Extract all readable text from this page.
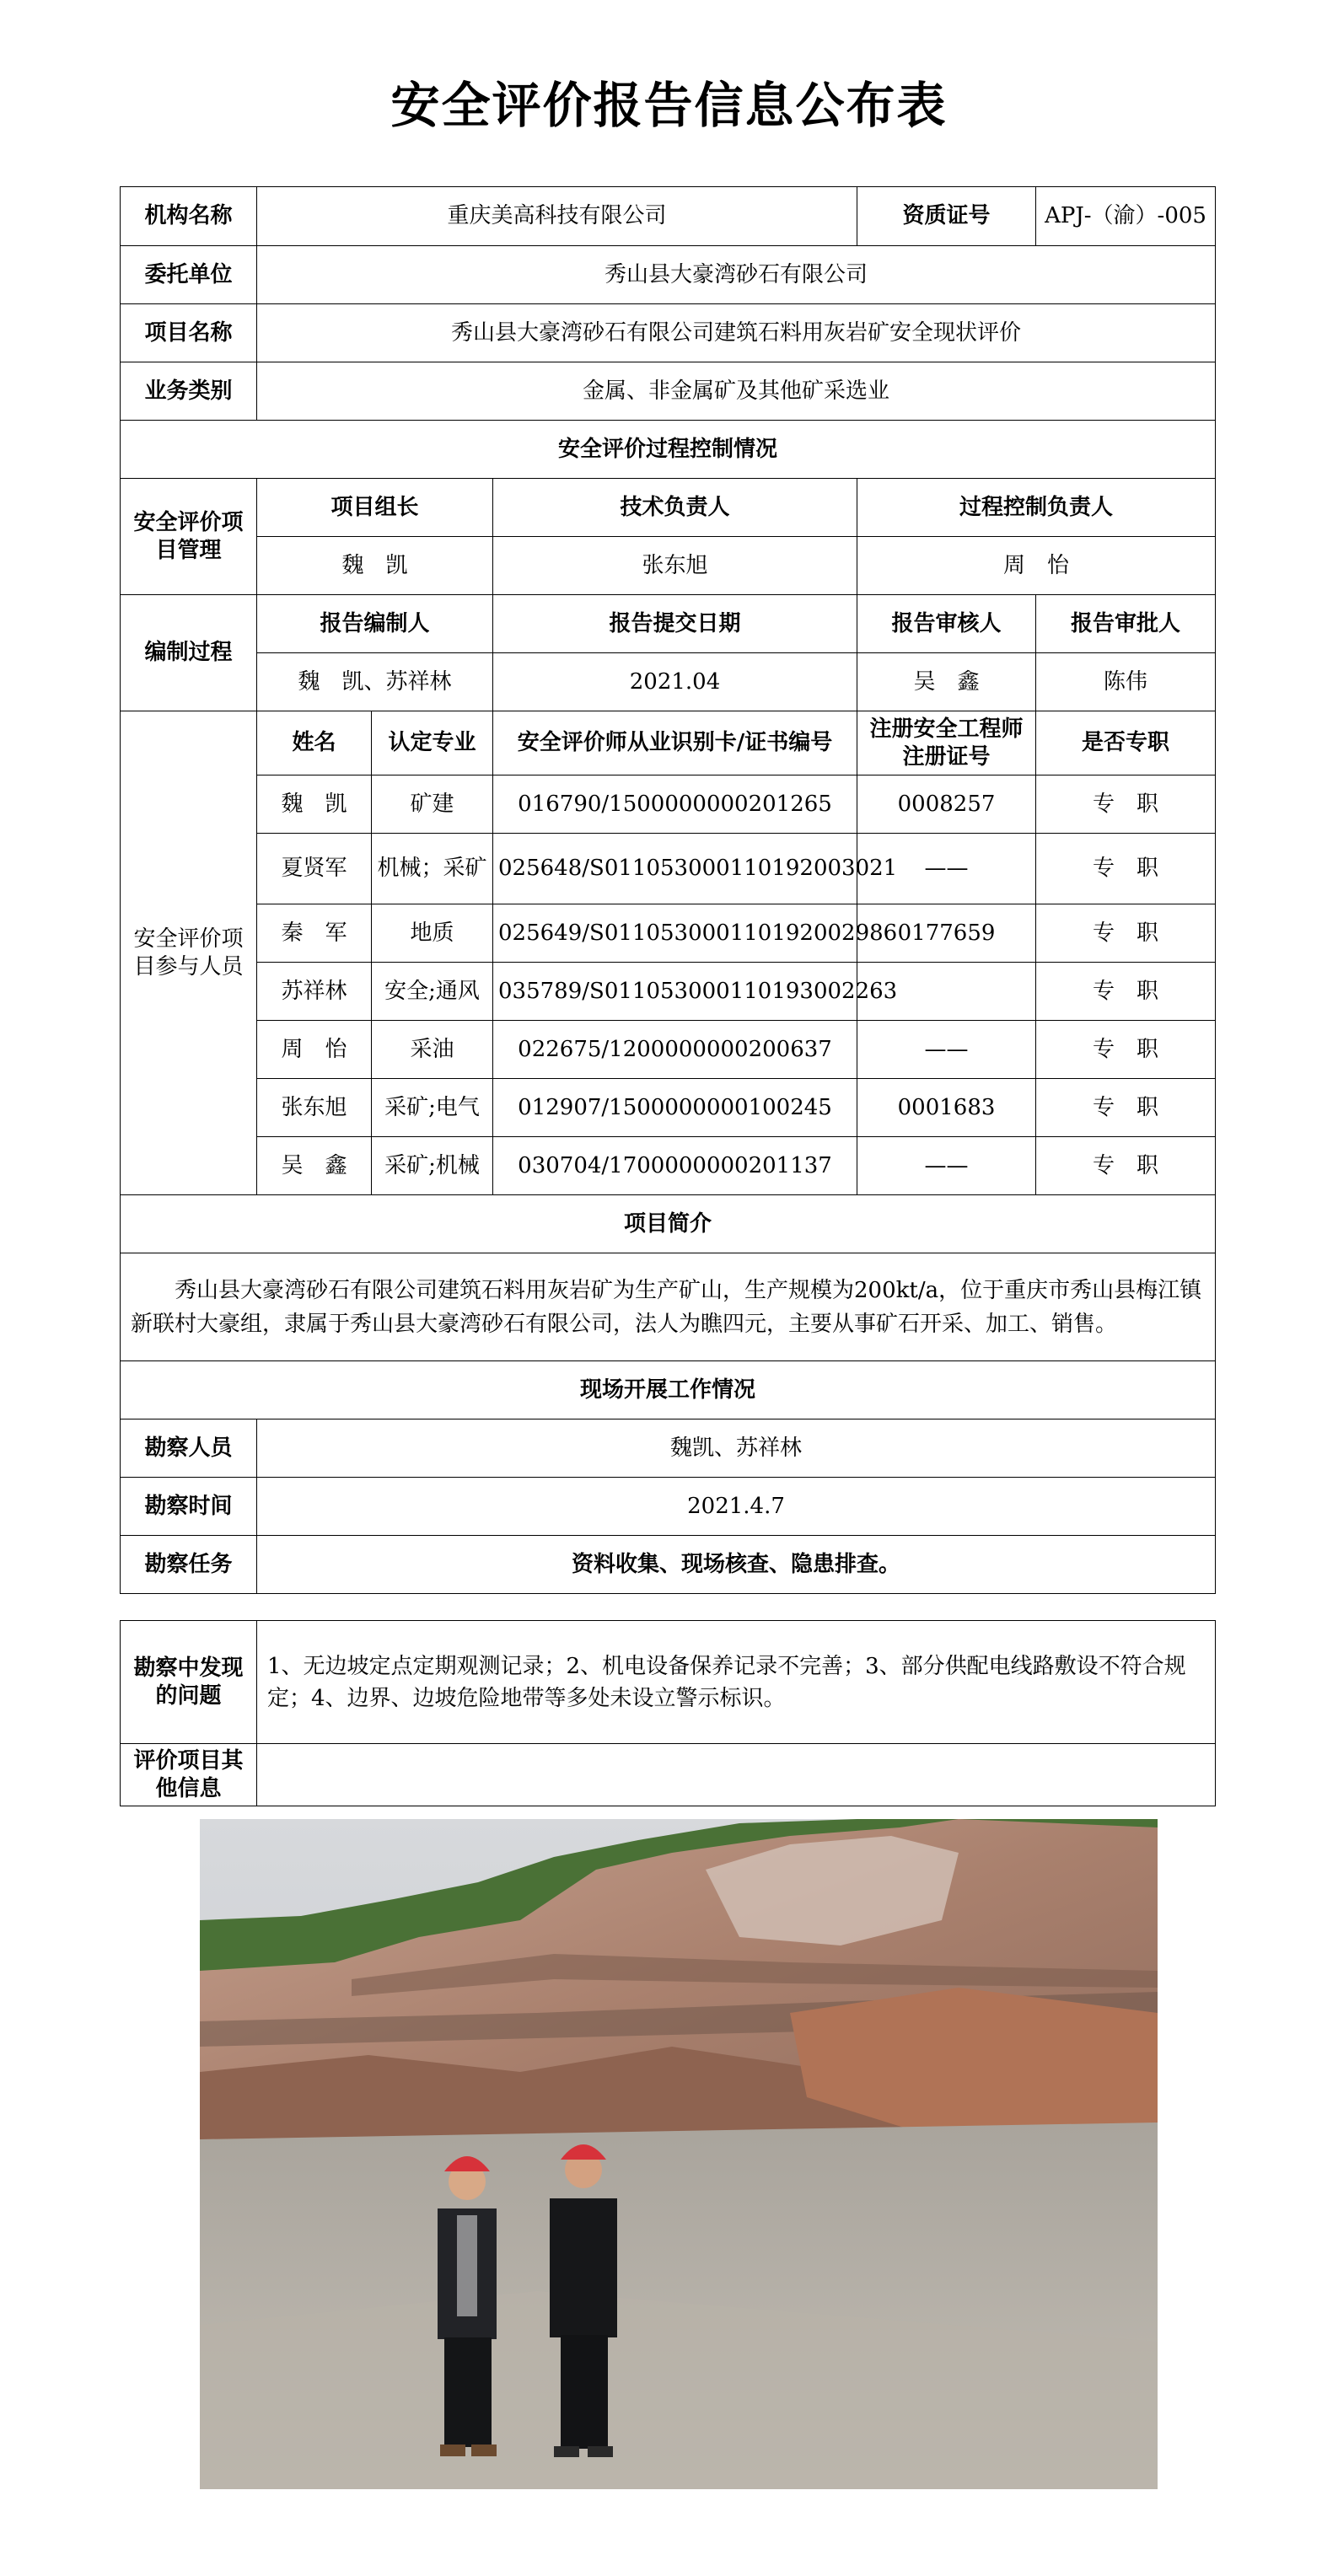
安全评价报告信息公布表
机构名称	重庆美高科技有限公司			资质证号	APJ-（渝）-005
委托单位	秀山县大豪湾砂石有限公司				
项目名称	秀山县大豪湾砂石有限公司建筑石料用灰岩矿安全现状评价				
业务类别	金属、非金属矿及其他矿采选业				
安全评价过程控制情况					
安全评价项目管理	项目组长		技术负责人	过程控制负责人	
	魏　凯		张东旭	周　怡	
编制过程	报告编制人		报告提交日期	报告审核人	报告审批人
	魏　凯、苏祥林		2021.04	吴　鑫	陈伟
安全评价项目参与人员	姓名	认定专业	安全评价师从业识别卡/证书编号	注册安全工程师注册证号	是否专职
	魏　凯	矿建	016790/1500000000201265	0008257	专　职
	夏贤军	机械；采矿	025648/S011053000110192003021	——	专　职
	秦　军	地质	025649/S011053000110192002986	0177659	专　职
	苏祥林	安全;通风	035789/S011053000110193002263		专　职
	周　怡	采油	022675/1200000000200637	——	专　职
	张东旭	采矿;电气	012907/1500000000100245	0001683	专　职
	吴　鑫	采矿;机械	030704/1700000000201137	——	专　职
项目简介					
秀山县大豪湾砂石有限公司建筑石料用灰岩矿为生产矿山，生产规模为200kt/a，位于重庆市秀山县梅江镇新联村大豪组，隶属于秀山县大豪湾砂石有限公司，法人为瞧四元，主要从事矿石开采、加工、销售。					
现场开展工作情况					
勘察人员	魏凯、苏祥林				
勘察时间	2021.4.7				
勘察任务	资料收集、现场核查、隐患排查。				
勘察中发现的问题	1、无边坡定点定期观测记录；2、机电设备保养记录不完善；3、部分供配电线路敷设不符合规定；4、边界、边坡危险地带等多处未设立警示标识。
评价项目其他信息	
